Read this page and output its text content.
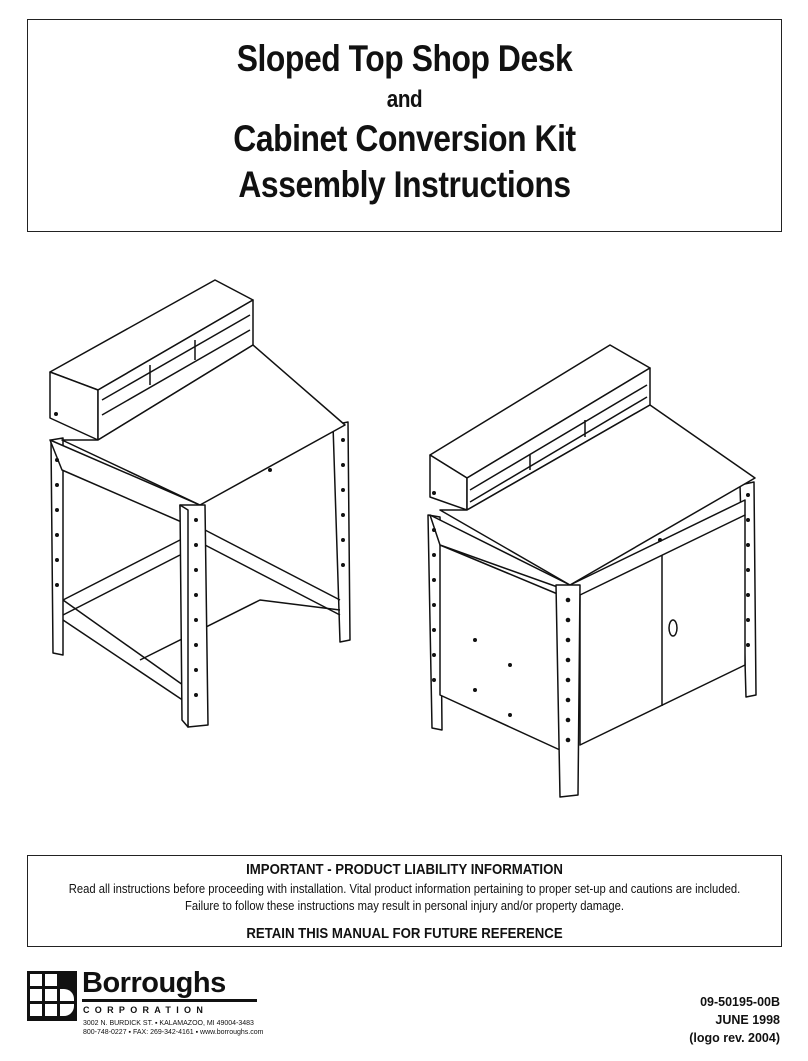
Sloped Top Shop Desk
and
Cabinet Conversion Kit
Assembly Instructions
IMPORTANT - PRODUCT LIABILITY INFORMATION
Read all instructions before proceeding with installation. Vital product information pertaining to proper set-up and cautions are included.
Failure to follow these instructions may result in personal injury and/or property damage.
RETAIN THIS MANUAL FOR FUTURE REFERENCE
Borroughs
CORPORATION
3002 N. BURDICK ST. ▪ KALAMAZOO, MI 49004-3483
800-748-0227 ▪ FAX: 269-342-4161 ▪ www.borroughs.com
09-50195-00B
JUNE 1998
(logo rev. 2004)
